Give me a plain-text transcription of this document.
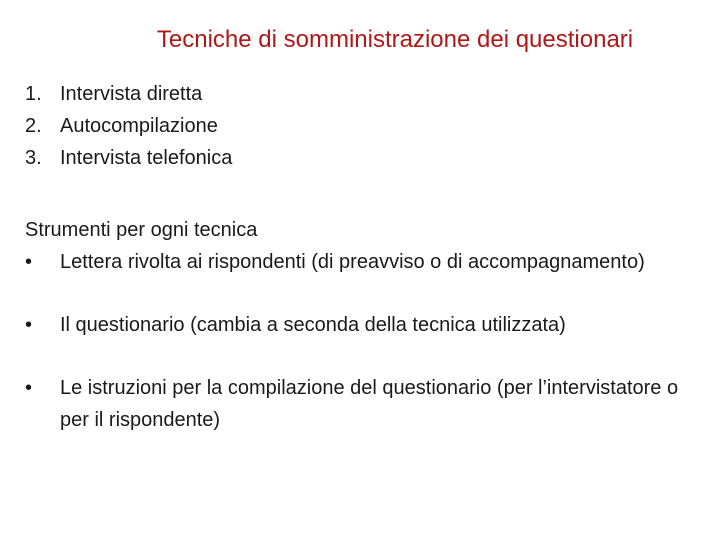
Tecniche di somministrazione dei questionari
1. Intervista diretta
2. Autocompilazione
3. Intervista telefonica
Strumenti per ogni tecnica
•	Lettera rivolta ai rispondenti (di preavviso o di accompagnamento)
•	Il questionario (cambia a seconda della tecnica utilizzata)
•	Le istruzioni per la compilazione del questionario (per l’intervistatore o per il rispondente)
